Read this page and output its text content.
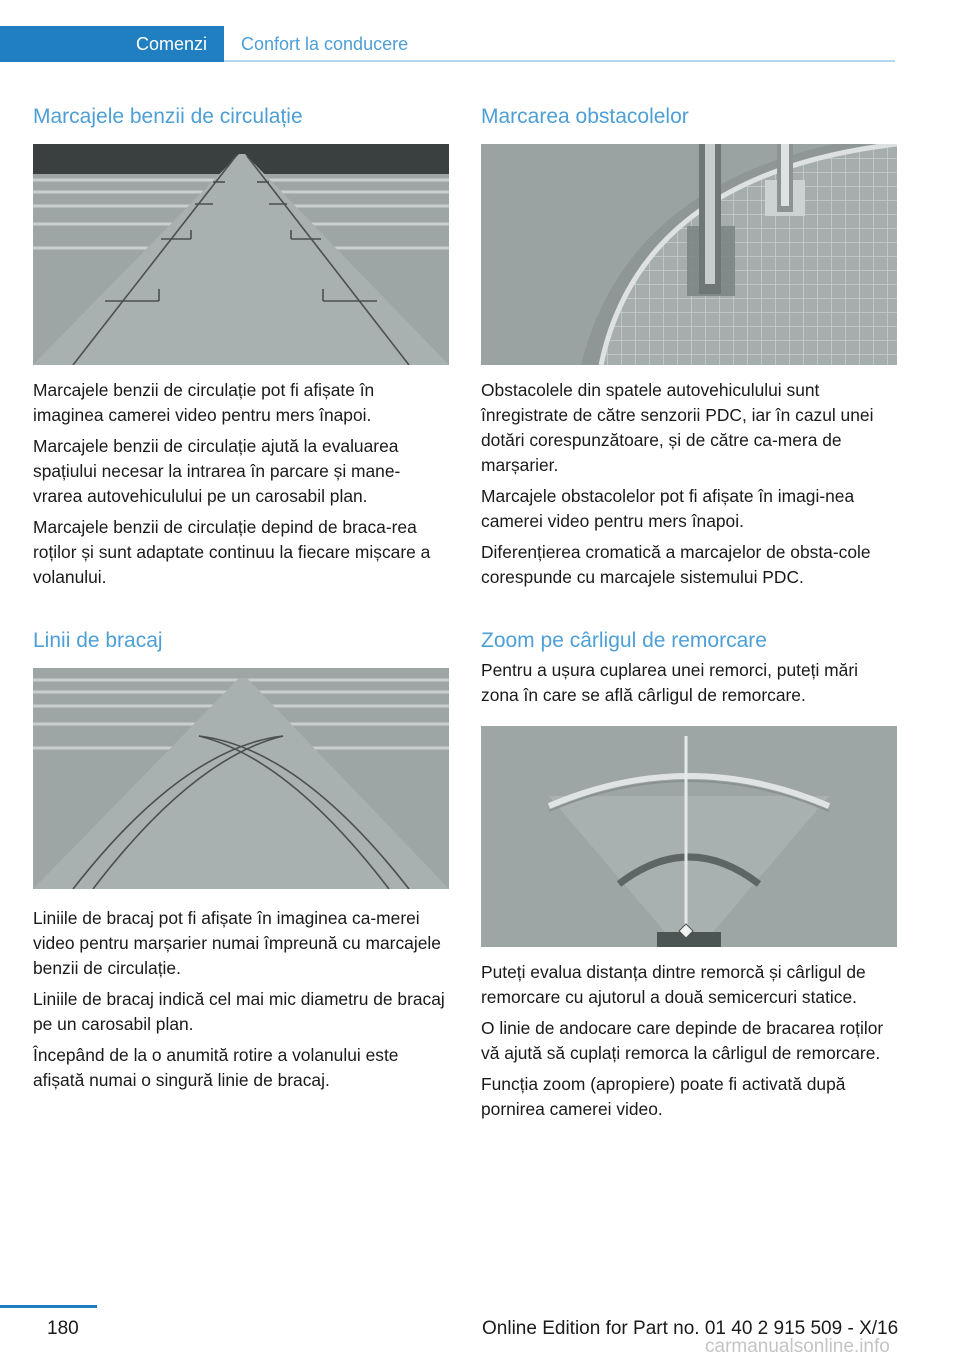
Comenzi	Confort la conducere
Marcajele benzii de circulație

Marcajele benzii de circulație pot fi afișate în imaginea camerei video pentru mers înapoi.

Marcajele benzii de circulație ajută la evaluarea spațiului necesar la intrarea în parcare și mane‐vrarea autovehiculului pe un carosabil plan.

Marcajele benzii de circulație depind de braca‐rea roților și sunt adaptate continuu la fiecare mișcare a volanului.

Linii de bracaj

Liniile de bracaj pot fi afișate în imaginea ca‐merei video pentru marșarier numai împreună cu marcajele benzii de circulație.

Liniile de bracaj indică cel mai mic diametru de bracaj pe un carosabil plan.

Începând de la o anumită rotire a volanului este afișată numai o singură linie de bracaj.

Marcarea obstacolelor

Obstacolele din spatele autovehiculului sunt înregistrate de către senzorii PDC, iar în cazul unei dotări corespunzătoare, și de către ca‐mera de marșarier.

Marcajele obstacolelor pot fi afișate în imagi‐nea camerei video pentru mers înapoi.

Diferențierea cromatică a marcajelor de obsta‐cole corespunde cu marcajele sistemului PDC.

Zoom pe cârligul de remorcare

Pentru a ușura cuplarea unei remorci, puteți mări zona în care se află cârligul de remorcare.

Puteți evalua distanța dintre remorcă și cârligul de remorcare cu ajutorul a două semicercuri statice.

O linie de andocare care depinde de bracarea roților vă ajută să cuplați remorca la cârligul de remorcare.

Funcția zoom (apropiere) poate fi activată după pornirea camerei video.

180	Online Edition for Part no. 01 40 2 915 509 - X/16
carmanualsonline.info
